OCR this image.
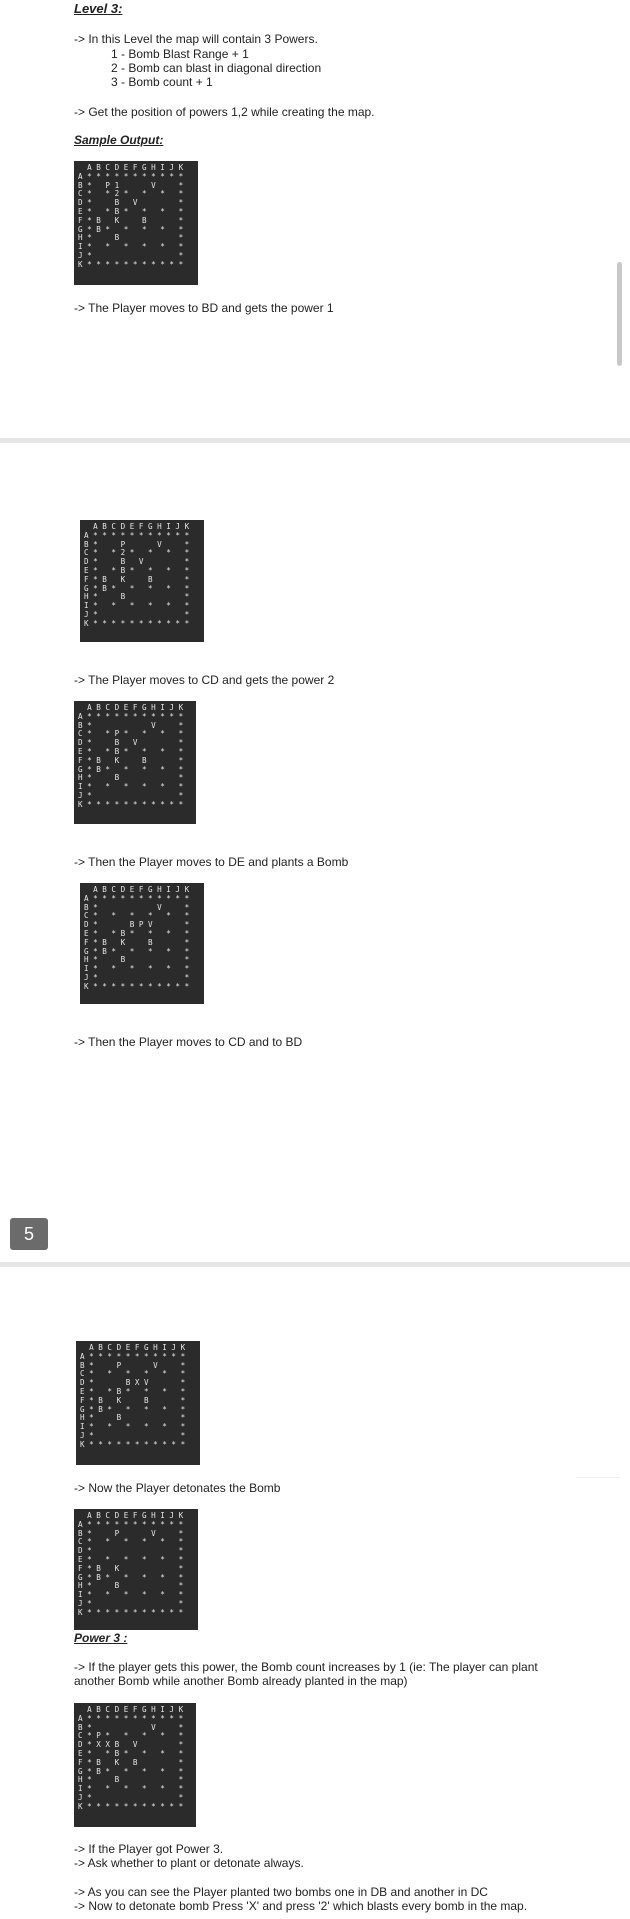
Level 3:
-> In this Level the map will contain 3 Powers.
1 - Bomb Blast Range + 1
2 - Bomb can blast in diagonal direction
3 - Bomb count + 1
-> Get the position of powers 1,2 while creating the map.
Sample Output:
A B C D E F G H I J K
A * * * * * * * * * * *
B *   P 1       V     *
C *   * 2 *   *   *   *
D *     B   V         *
E *   * B *   *   *   *
F * B   K     B       *
G * B *   *   *   *   *
H *     B             *
I *   *   *   *   *   *
J *                   *
K * * * * * * * * * * *
-> The Player moves to BD and gets the power 1
A B C D E F G H I J K
A * * * * * * * * * * *
B *     P       V     *
C *   * 2 *   *   *   *
D *     B   V         *
E *   * B *   *   *   *
F * B   K     B       *
G * B *   *   *   *   *
H *     B             *
I *   *   *   *   *   *
J *                   *
K * * * * * * * * * * *
-> The Player moves to CD and gets the power 2
A B C D E F G H I J K
A * * * * * * * * * * *
B *             V     *
C *   * P *   *   *   *
D *     B   V         *
E *   * B *   *   *   *
F * B   K     B       *
G * B *   *   *   *   *
H *     B             *
I *   *   *   *   *   *
J *                   *
K * * * * * * * * * * *
-> Then the Player moves to DE and plants a Bomb
A B C D E F G H I J K
A * * * * * * * * * * *
B *             V     *
C *   *   *   *   *   *
D *       B P V       *
E *   * B *   *   *   *
F * B   K     B       *
G * B *   *   *   *   *
H *     B             *
I *   *   *   *   *   *
J *                   *
K * * * * * * * * * * *
-> Then the Player moves to CD and to BD
5
A B C D E F G H I J K
A * * * * * * * * * * *
B *     P       V     *
C *   *   *   *   *   *
D *       B X V       *
E *   * B *   *   *   *
F * B   K     B       *
G * B *   *   *   *   *
H *     B             *
I *   *   *   *   *   *
J *                   *
K * * * * * * * * * * *
-> Now the Player detonates the Bomb
A B C D E F G H I J K
A * * * * * * * * * * *
B *     P       V     *
C *   *   *   *   *   *
D *                   *
E *   *   *   *   *   *
F * B   K             *
G * B *   *   *   *   *
H *     B             *
I *   *   *   *   *   *
J *                   *
K * * * * * * * * * * *
Power 3 :
-> If the player gets this power, the Bomb count increases by 1 (ie: The player can plant
another Bomb while another Bomb already planted in the map)
A B C D E F G H I J K
A * * * * * * * * * * *
B *             V     *
C * P *   *   *   *   *
D * X X B   V         *
E *   * B *   *   *   *
F * B   K   B         *
G * B *   *   *   *   *
H *     B             *
I *   *   *   *   *   *
J *                   *
K * * * * * * * * * * *
-> If the Player got Power 3.
-> Ask whether to plant or detonate always.
-> As you can see the Player planted two bombs one in DB and another in DC
-> Now to detonate bomb Press 'X' and press '2' which blasts every bomb in the map.
